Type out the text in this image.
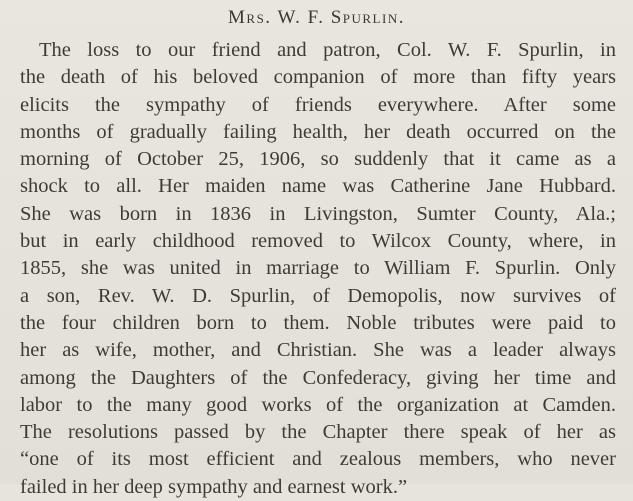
Mrs. W. F. Spurlin.
The loss to our friend and patron, Col. W. F. Spurlin, in
the death of his beloved companion of more than fifty years
elicits the sympathy of friends everywhere. After some
months of gradually failing health, her death occurred on the
morning of October 25, 1906, so suddenly that it came as a
shock to all. Her maiden name was Catherine Jane Hubbard.
She was born in 1836 in Livingston, Sumter County, Ala.;
but in early childhood removed to Wilcox County, where, in
1855, she was united in marriage to William F. Spurlin. Only
a son, Rev. W. D. Spurlin, of Demopolis, now survives of
the four children born to them. Noble tributes were paid to
her as wife, mother, and Christian. She was a leader always
among the Daughters of the Confederacy, giving her time and
labor to the many good works of the organization at Camden.
The resolutions passed by the Chapter there speak of her as
“one of its most efficient and zealous members, who never
failed in her deep sympathy and earnest work.”
